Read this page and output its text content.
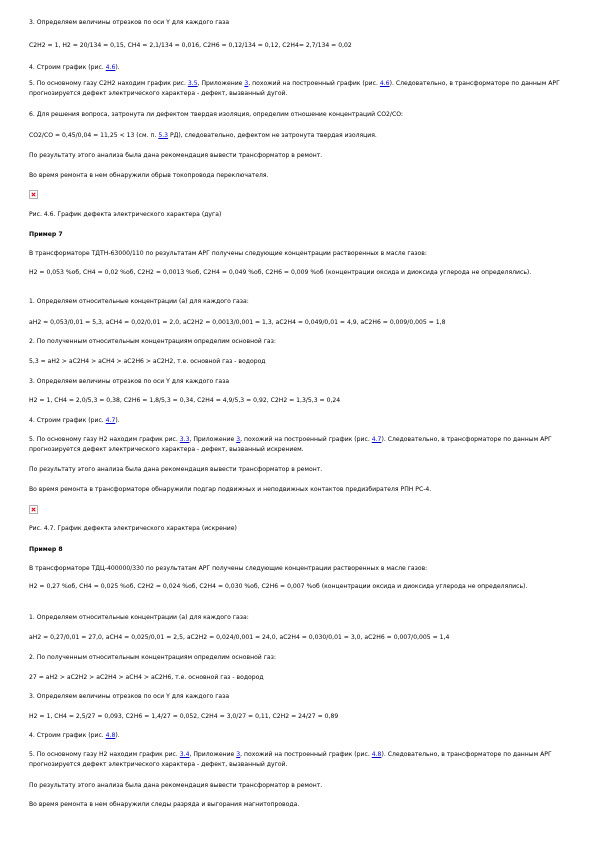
3. Определяем величины отрезков по оси Y для каждого газа
C2H2 = 1, H2 = 20/134 = 0,15, CH4 = 2,1/134 = 0,016, C2H6 = 0,12/134 = 0,12, C2H4= 2,7/134 = 0,02
4. Строим график (рис. 4.6).
5. По основному газу C2H2 находим график рис. 3.5, Приложение 3, похожий на построенный график (рис. 4.6). Следовательно, в трансформаторе по данным АРГ прогнозируется дефект электрического характера - дефект, вызванный дугой.
6. Для решения вопроса, затронута ли дефектом твердая изоляция, определим отношение концентраций CO2/CO:
CO2/CO = 0,45/0,04 = 11,25 < 13 (см. п. 5.3 РД), следовательно, дефектом не затронута твердая изоляция.
По результату этого анализа была дана рекомендация вывести трансформатор в ремонт.
Во время ремонта в нем обнаружили обрыв токопровода переключателя.
Рис. 4.6. График дефекта электрического характера (дуга)
Пример 7
В трансформаторе ТДТН-63000/110 по результатам АРГ получены следующие концентрации растворенных в масле газов:
H2 = 0,053 %об, CH4 = 0,02 %об, C2H2 = 0,0013 %об, C2H4 = 0,049 %об, C2H6 = 0,009 %об (концентрации оксида и диоксида углерода не определялись).
1. Определяем относительные концентрации (a) для каждого газа:
aH2 = 0,053/0,01 = 5,3, aCH4 = 0,02/0,01 = 2,0, aC2H2 = 0,0013/0,001 = 1,3, aC2H4 = 0,049/0,01 = 4,9, aC2H6 = 0,009/0,005 = 1,8
2. По полученным относительным концентрациям определим основной газ:
5,3 = aH2 > aC2H4 > aCH4 > aC2H6 > aC2H2, т.е. основной газ - водород
3. Определяем величины отрезков по оси Y для каждого газа
H2 = 1, CH4 = 2,0/5,3 = 0,38, C2H6 = 1,8/5,3 = 0,34, C2H4 = 4,9/5,3 = 0,92, C2H2 = 1,3/5,3 = 0,24
4. Строим график (рис. 4.7).
5. По основному газу H2 находим график рис. 3.3, Приложение 3, похожий на построенный график (рис. 4.7). Следовательно, в трансформаторе по данным АРГ прогнозируется дефект электрического характера - дефект, вызванный искрением.
По результату этого анализа была дана рекомендация вывести трансформатор в ремонт.
Во время ремонта в трансформаторе обнаружили подгар подвижных и неподвижных контактов предизбирателя РПН РС-4.
Рис. 4.7. График дефекта электрического характера (искрение)
Пример 8
В трансформаторе ТДЦ-400000/330 по результатам АРГ получены следующие концентрации растворенных в масле газов:
H2 = 0,27 %об, CH4 = 0,025 %об, C2H2 = 0,024 %об, C2H4 = 0,030 %об, C2H6 = 0,007 %об (концентрации оксида и диоксида углерода не определялись).
1. Определяем относительные концентрации (a) для каждого газа:
aH2 = 0,27/0,01 = 27,0, aCH4 = 0,025/0,01 = 2,5, aC2H2 = 0,024/0,001 = 24,0, aC2H4 = 0,030/0,01 = 3,0, aC2H6 = 0,007/0,005 = 1,4
2. По полученным относительным концентрациям определим основной газ:
27 = aH2 > aC2H2 > aC2H4 > aCH4 > aC2H6, т.е. основной газ - водород
3. Определяем величины отрезков по оси Y для каждого газа
H2 = 1, CH4 = 2,5/27 = 0,093, C2H6 = 1,4/27 = 0,052, C2H4 = 3,0/27 = 0,11, C2H2 = 24/27 = 0,89
4. Строим график (рис. 4.8).
5. По основному газу H2 находим график рис. 3.4, Приложение 3, похожий на построенный график (рис. 4.8). Следовательно, в трансформаторе по данным АРГ прогнозируется дефект электрического характера - дефект, вызванный дугой.
По результату этого анализа была дана рекомендация вывести трансформатор в ремонт.
Во время ремонта в нем обнаружили следы разряда и выгорания магнитопровода.
